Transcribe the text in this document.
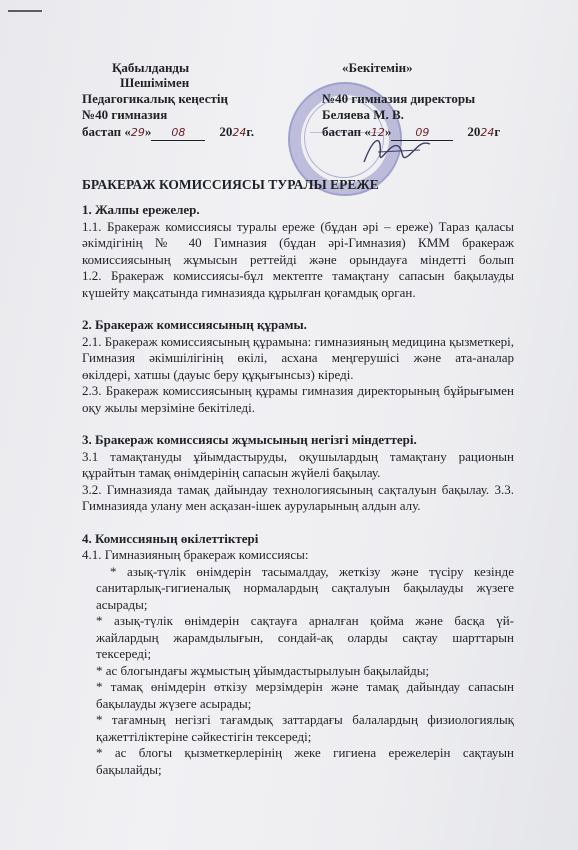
Қабылданды
Шешімімен
Педагогикалық кеңестің
№40 гимназия
бастап «29» 08	2024г.
«Бекітемін»
№40 гимназия директоры
Беляева М. В.
бастап «12» 09	2024г
БРАКЕРАЖ КОМИССИЯСЫ ТУРАЛЫ ЕРЕЖЕ
1. Жалпы ережелер.
1.1. Бракераж комиссиясы туралы ереже (бұдан әрі – ереже) Тараз қаласы
әкімдігінің № 40 Гимназия (бұдан әрі-Гимназия) КММ бракераж
комиссиясының жұмысын реттейді және орындауға міндетті болып
1.2. Бракераж комиссиясы-бұл мектепте тамақтану сапасын бақылауды
күшейту мақсатында гимназияда құрылған қоғамдық орган.
2. Бракераж комиссиясының құрамы.
2.1. Бракераж комиссиясының құрамына: гимназияның медицина қызметкері,
Гимназия әкімшілігінің өкілі, асхана меңгерушісі және ата-аналар
өкілдері, хатшы (дауыс беру құқығынсыз) кіреді.
2.3. Бракераж комиссиясының құрамы гимназия директорының бұйрығымен
оқу жылы мерзіміне бекітіледі.
3. Бракераж комиссиясы жұмысының негізгі міндеттері.
3.1 тамақтануды ұйымдастыруды, оқушылардың тамақтану рационын
құрайтын тамақ өнімдерінің сапасын жүйелі бақылау.
3.2. Гимназияда тамақ дайындау технологиясының сақталуын бақылау. 3.3.
Гимназияда улану мен асқазан-ішек ауруларының алдын алу.
4. Комиссияның өкілеттіктері
4.1. Гимназияның бракераж комиссиясы:
* азық-түлік өнімдерін тасымалдау, жеткізу және түсіру кезінде
санитарлық-гигиеналық нормалардың сақталуын бақылауды жүзеге
асырады;
* азық-түлік өнімдерін сақтауға арналған қойма және басқа үй-
жайлардың жарамдылығын, сондай-ақ оларды сақтау шарттарын
тексереді;
* ас блогындағы жұмыстың ұйымдастырылуын бақылайды;
* тамақ өнімдерін өткізу мерзімдерін және тамақ дайындау сапасын
бақылауды жүзеге асырады;
* тағамның негізгі тағамдық заттардағы балалардың физиологиялық
қажеттіліктеріне сәйкестігін тексереді;
* ас блогы қызметкерлерінің жеке гигиена ережелерін сақтауын
бақылайды;
